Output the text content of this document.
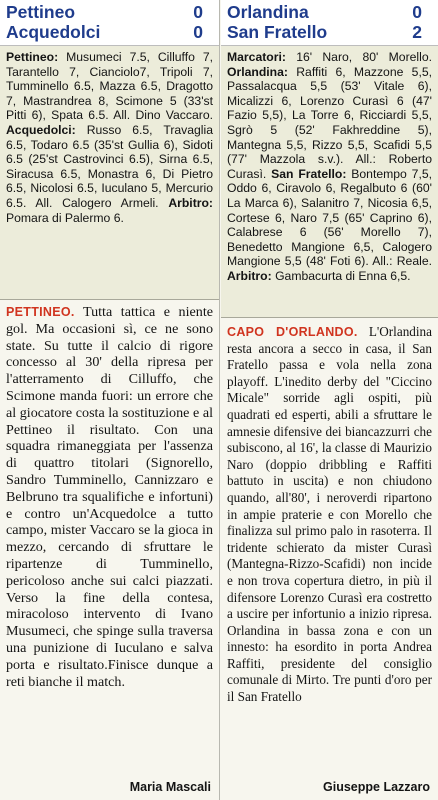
Pettineo	0
Acquedolci	0
Pettineo: Musumeci 7.5, Cilluffo 7, Tarantello 7, Cianciolo7, Tripoli 7, Tumminello 6.5, Mazza 6.5, Dragotto 7, Mastrandrea 8, Scimone 5 (33'st Pitti 6), Spata 6.5. All. Dino Vaccaro. Acquedolci: Russo 6.5, Travaglia 6.5, Todaro 6.5 (35'st Gullia 6), Sidoti 6.5 (25'st Castrovinci 6.5), Sirna 6.5, Siracusa 6.5, Monastra 6, Di Pietro 6.5, Nicolosi 6.5, Iuculano 5, Mercurio 6.5. All. Calogero Armeli. Arbitro: Pomara di Palermo 6.
PETTINEO. Tutta tattica e niente gol. Ma occasioni sì, ce ne sono state. Su tutte il calcio di rigore concesso al 30' della ripresa per l'atterramento di Cilluffo, che Scimone manda fuori: un errore che al giocatore costa la sostituzione e al Pettineo il risultato. Con una squadra rimaneggiata per l'assenza di quattro titolari (Signorello, Sandro Tumminello, Cannizzaro e Belbruno tra squalifiche e infortuni) e contro un'Acquedolce a tutto campo, mister Vaccaro se la gioca in mezzo, cercando di sfruttare le ripartenze di Tumminello, pericoloso anche sui calci piazzati. Verso la fine della contesa, miracoloso intervento di Ivano Musumeci, che spinge sulla traversa una punizione di Iuculano e salva porta e risultato.Finisce dunque a reti bianche il match.
Maria Mascali
Orlandina	0
San Fratello	2
Marcatori: 16' Naro, 80' Morello. Orlandina: Raffiti 6, Mazzone 5,5, Passalacqua 5,5 (53' Vitale 6), Micalizzi 6, Lorenzo Curasì 6 (47' Fazio 5,5), La Torre 6, Ricciardi 5,5, Sgrò 5 (52' Fakhreddine 5), Mantegna 5,5, Rizzo 5,5, Scafidi 5,5 (77' Mazzola s.v.). All.: Roberto Curasì. San Fratello: Bontempo 7,5, Oddo 6, Ciravolo 6, Regalbuto 6 (60' La Marca 6), Salanitro 7, Nicosia 6,5, Cortese 6, Naro 7,5 (65' Caprino 6), Calabrese 6 (56' Morello 7), Benedetto Mangione 6,5, Calogero Mangione 5,5 (48' Foti 6). All.: Reale. Arbitro: Gambacurta di Enna 6,5.
CAPO D'ORLANDO. L'Orlandina resta ancora a secco in casa, il San Fratello passa e vola nella zona playoff. L'inedito derby del "Ciccino Micale" sorride agli ospiti, più quadrati ed esperti, abili a sfruttare le amnesie difensive dei biancazzurri che subiscono, al 16', la classe di Maurizio Naro (doppio dribbling e Raffiti battuto in uscita) e non chiudono quando, all'80', i neroverdi ripartono in ampie praterie e con Morello che finalizza sul primo palo in rasoterra. Il tridente schierato da mister Curasì (Mantegna-Rizzo-Scafidi) non incide e non trova copertura dietro, in più il difensore Lorenzo Curasì era costretto a uscire per infortunio a inizio ripresa. Orlandina in bassa zona e con un innesto: ha esordito in porta Andrea Raffiti, presidente del consiglio comunale di Mirto. Tre punti d'oro per il San Fratello
Giuseppe Lazzaro
